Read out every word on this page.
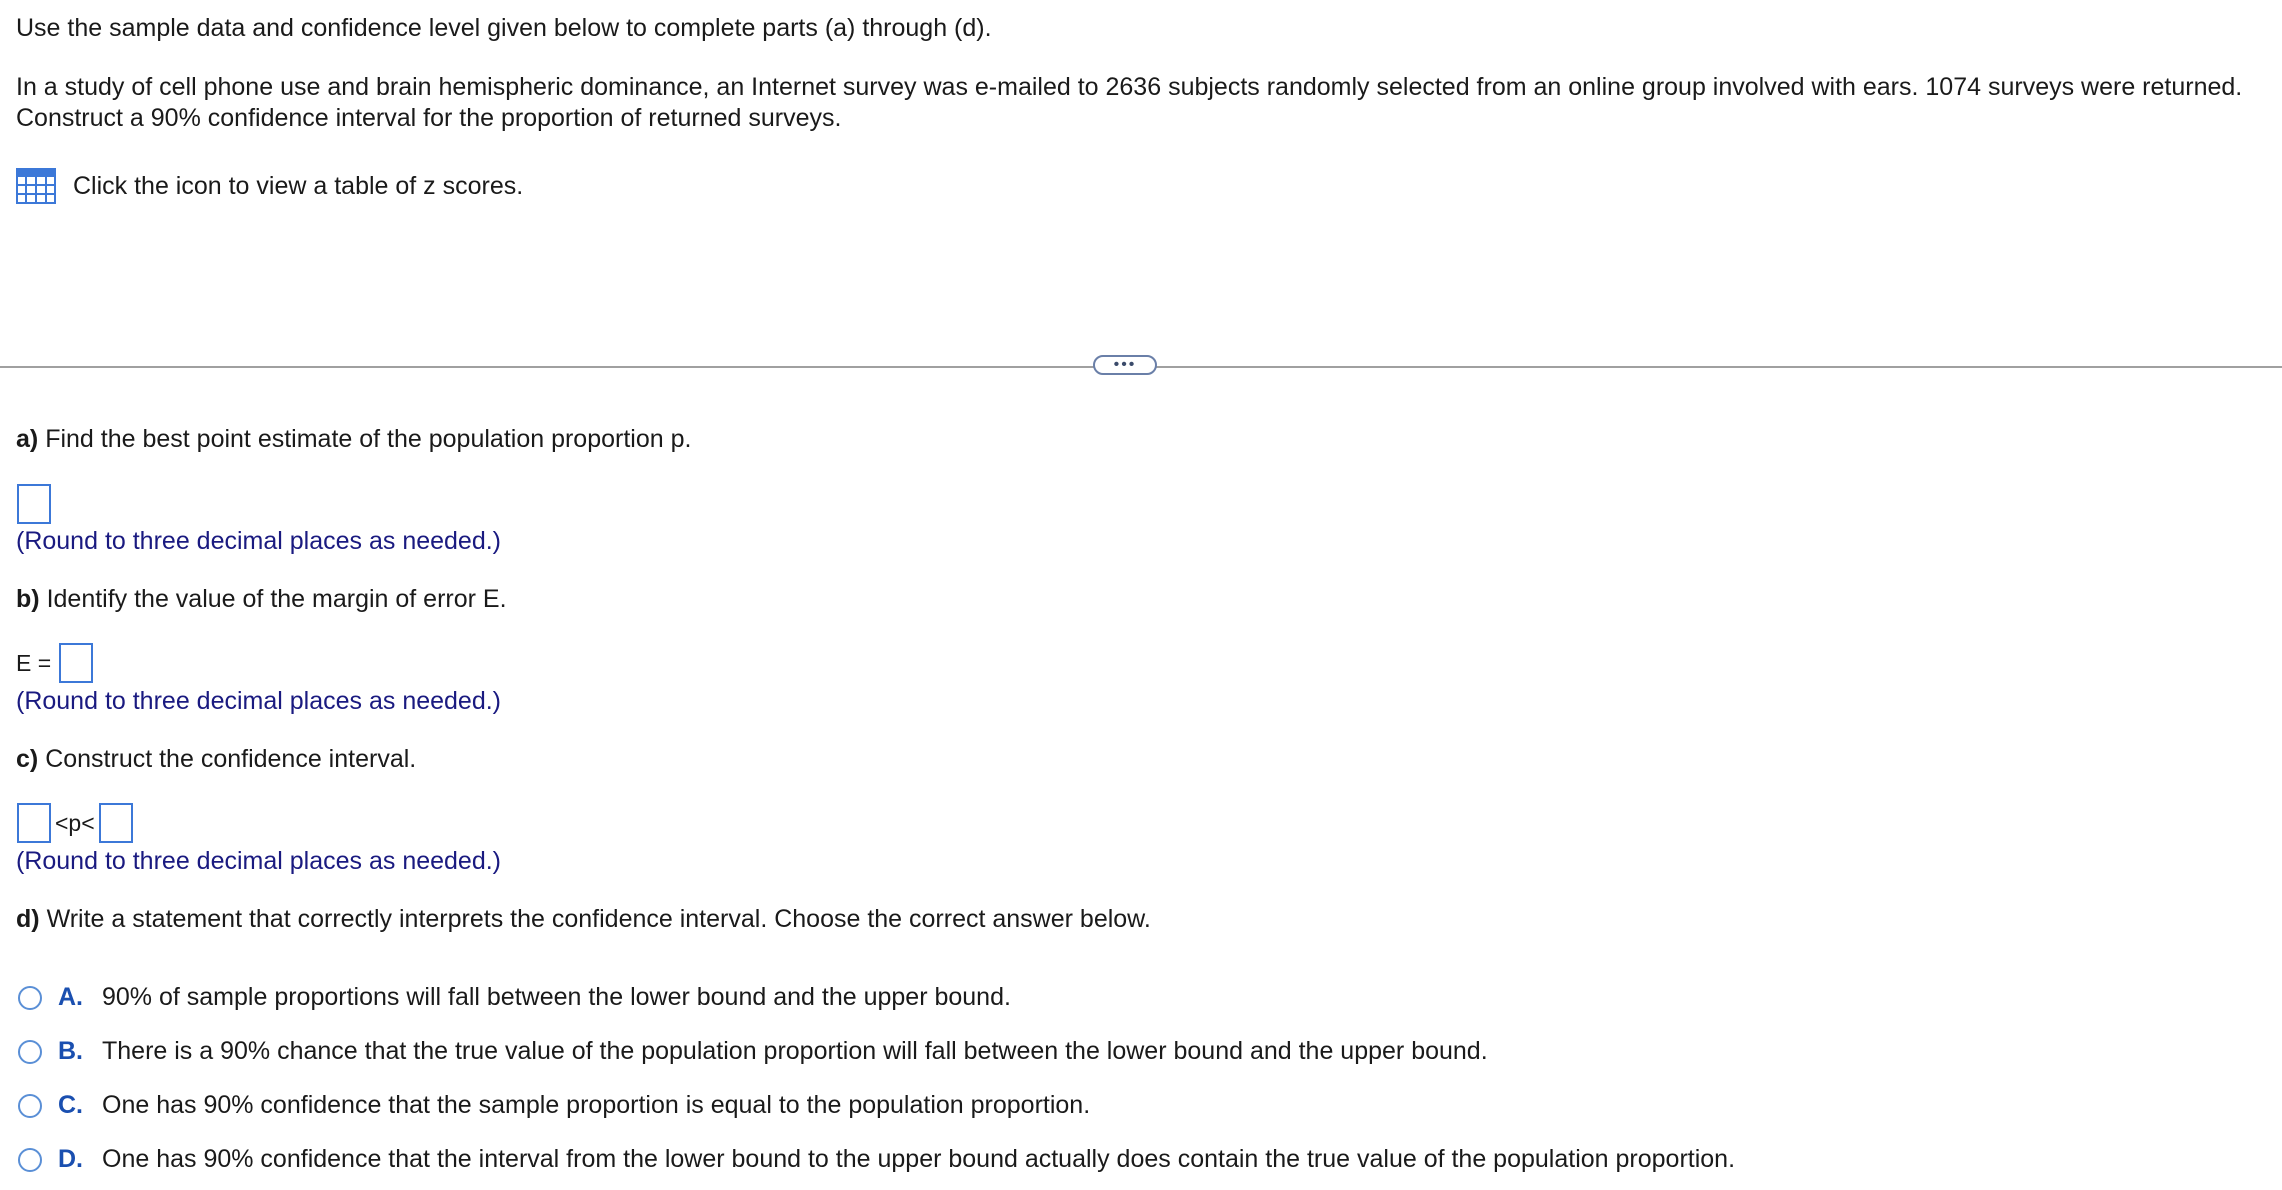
Use the sample data and confidence level given below to complete parts (a) through (d).
In a study of cell phone use and brain hemispheric dominance, an Internet survey was e-mailed to 2636 subjects randomly selected from an online group involved with ears. 1074 surveys were returned. Construct a 90% confidence interval for the proportion of returned surveys.
Click the icon to view a table of z scores.
•••
a) Find the best point estimate of the population proportion p.
(Round to three decimal places as needed.)
b) Identify the value of the margin of error E.
E =
(Round to three decimal places as needed.)
c) Construct the confidence interval.
<p<
(Round to three decimal places as needed.)
d) Write a statement that correctly interprets the confidence interval. Choose the correct answer below.
A. 90% of sample proportions will fall between the lower bound and the upper bound.
B. There is a 90% chance that the true value of the population proportion will fall between the lower bound and the upper bound.
C. One has 90% confidence that the sample proportion is equal to the population proportion.
D. One has 90% confidence that the interval from the lower bound to the upper bound actually does contain the true value of the population proportion.
